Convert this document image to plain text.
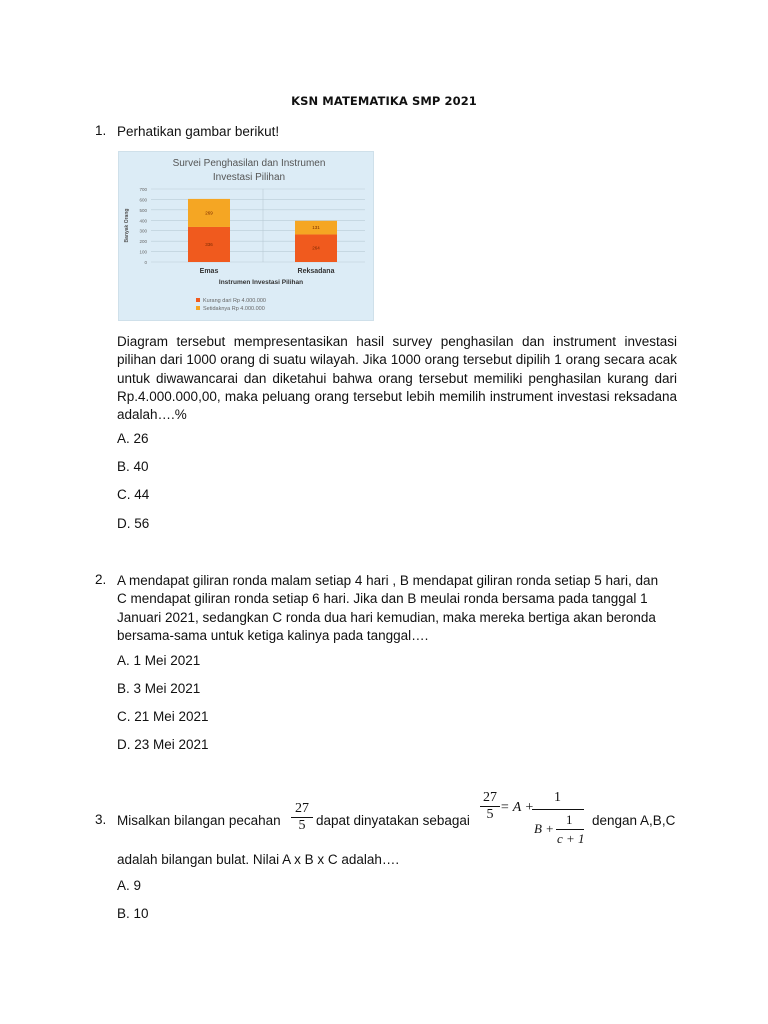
KSN MATEMATIKA SMP 2021
1. Perhatikan gambar berikut!
Survei Penghasilan dan Instrumen
Investasi Pilihan
0
100
200
300
400
500
600
700
Banyak Orang
336
269
Emas
264
131
Reksadana
Instrumen Investasi Pilihan
Kurang dari Rp 4.000.000
Setidaknya Rp 4.000.000
Diagram tersebut mempresentasikan hasil survey penghasilan dan instrument investasi pilihan dari 1000 orang di suatu wilayah. Jika 1000 orang tersebut dipilih 1 orang secara acak untuk diwawancarai dan diketahui bahwa orang tersebut memiliki penghasilan kurang dari Rp.4.000.000,00, maka peluang orang tersebut lebih memilih instrument investasi reksadana adalah….%
A. 26
B. 40
C. 44
D. 56
2. A mendapat giliran ronda malam setiap 4 hari , B mendapat giliran ronda setiap 5 hari, dan
C mendapat giliran ronda setiap 6 hari. Jika dan B meulai ronda bersama pada tanggal 1
Januari 2021, sedangkan C ronda dua hari kemudian, maka mereka bertiga akan beronda
bersama-sama untuk ketiga kalinya pada tanggal….
A. 1 Mei 2021
B. 3 Mei 2021
C. 21 Mei 2021
D. 23 Mei 2021
3. Misalkan bilangan pecahan $\frac{27}{5}$ dapat dinyatakan sebagai $\frac{27}{5} = A$ +
1
B +
1
c + 1
dengan A,B,C
adalah bilangan bulat. Nilai A x B x C adalah….
A. 9
B. 10
